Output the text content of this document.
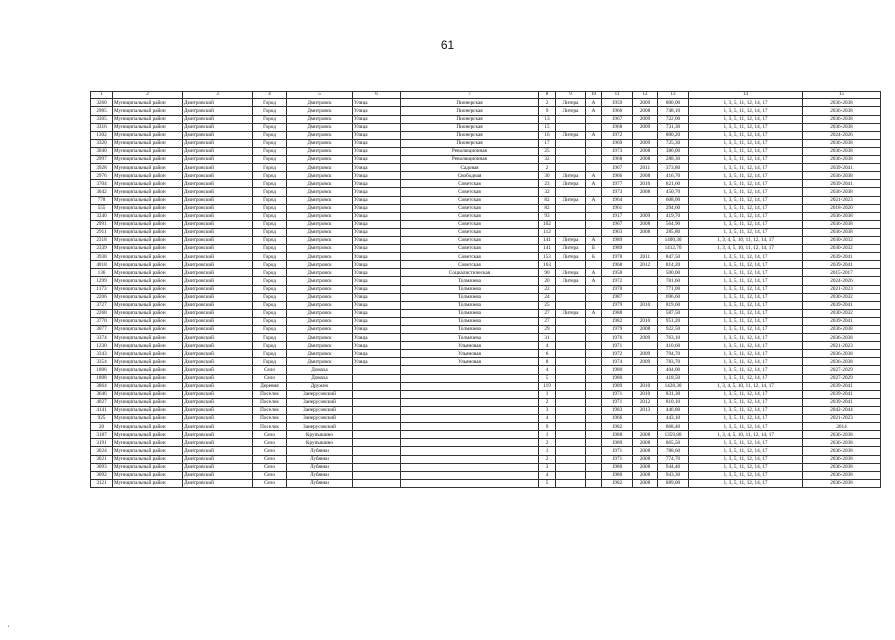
61
1	2	3	4	5	6	7	8	9	10	11	12	13	14	15
3260	Муниципальный район	Дмитровский	Город	Дмитровск	Улица	Пионерская	2	Литера	А	1959	2009	800,00	1, 3, 5, 11, 12, 14, 17	2036-2038
2985	Муниципальный район	Дмитровский	Город	Дмитровск	Улица	Пионерская	9	Литера	А	1966	2008	748,10	1, 3, 5, 11, 12, 14, 17	2036-2038
3305	Муниципальный район	Дмитровский	Город	Дмитровск	Улица	Пионерская	13			1967	2009	722,00	1, 3, 5, 11, 12, 14, 17	2036-2038
3316	Муниципальный район	Дмитровский	Город	Дмитровск	Улица	Пионерская	15			1968	2009	731,30	1, 3, 5, 11, 12, 14, 17	2036-2038
1302	Муниципальный район	Дмитровский	Город	Дмитровск	Улица	Пионерская	16	Литера	А	1972		800,20	1, 3, 5, 11, 12, 14, 17	2024-2026
3320	Муниципальный район	Дмитровский	Город	Дмитровск	Улица	Пионерская	17			1969	2009	725,30	1, 3, 5, 11, 12, 14, 17	2036-2038
3040	Муниципальный район	Дмитровский	Город	Дмитровск	Улица	Революционная	25			1973	2008	386,00	1, 3, 5, 11, 12, 14, 17	2036-2038
2997	Муниципальный район	Дмитровский	Город	Дмитровск	Улица	Революционная	32			1968	2008	288,30	1, 3, 5, 11, 12, 14, 17	2036-2038
3928	Муниципальный район	Дмитровский	Город	Дмитровск	Улица	Садовая	2			1967	2011	373,80	1, 3, 5, 11, 12, 14, 17	2039-2041
2976	Муниципальный район	Дмитровский	Город	Дмитровск	Улица	Свободная	30	Литера	А	1966	2008	416,70	1, 3, 5, 11, 12, 14, 17	2036-2038
3704	Муниципальный район	Дмитровский	Город	Дмитровск	Улица	Советская	23	Литера	А	1977	2010	821,60	1, 3, 5, 11, 12, 14, 17	2039-2041
3042	Муниципальный район	Дмитровский	Город	Дмитровск	Улица	Советская	32			1973	2008	450,70	1, 3, 5, 11, 12, 14, 17	2036-2038
778	Муниципальный район	Дмитровский	Город	Дмитровск	Улица	Советская	82	Литера	А	1964		608,00	1, 3, 5, 11, 12, 14, 17	2021-2023
555	Муниципальный район	Дмитровский	Город	Дмитровск	Улица	Советская	82			1961		294,60	1, 3, 5, 11, 12, 14, 17	2018-2020
3240	Муниципальный район	Дмитровский	Город	Дмитровск	Улица	Советская	93			1917	2009	419,70	1, 3, 5, 11, 12, 14, 17	2036-2038
2991	Муниципальный район	Дмитровский	Город	Дмитровск	Улица	Советская	102			1967	2008	564,90	1, 3, 5, 11, 12, 14, 17	2036-2038
2911	Муниципальный район	Дмитровский	Город	Дмитровск	Улица	Советская	112			1963	2008	285,80	1, 3, 5, 11, 12, 14, 17	2036-2038
2318	Муниципальный район	Дмитровский	Город	Дмитровск	Улица	Советская	141	Литера	А	1989		1400,30	1, 3, 4, 5, 10, 11, 12, 14, 17	2030-2032
2339	Муниципальный район	Дмитровский	Город	Дмитровск	Улица	Советская	141	Литера	Б	1989		1412,70	1, 3, 4, 5, 10, 11, 12, 14, 17	2030-2032
3938	Муниципальный район	Дмитровский	Город	Дмитровск	Улица	Советская	153	Литера	Б	1978	2011	847,50	1, 3, 5, 11, 12, 14, 17	2039-2041
4018	Муниципальный район	Дмитровский	Город	Дмитровск	Улица	Советская	163			1968	2012	814,20	1, 3, 5, 11, 12, 14, 17	2039-2041
136	Муниципальный район	Дмитровский	Город	Дмитровск	Улица	Социалистическая	90	Литера	А	1958		500,00	1, 3, 5, 11, 12, 14, 17	2015-2017
1299	Муниципальный район	Дмитровский	Город	Дмитровск	Улица	Толмачева	20	Литера	А	1972		781,60	1, 3, 5, 11, 12, 14, 17	2024-2026
1173	Муниципальный район	Дмитровский	Город	Дмитровск	Улица	Толмачева	22			1970		771,00	1, 3, 5, 11, 12, 14, 17	2021-2023
2206	Муниципальный район	Дмитровский	Город	Дмитровск	Улица	Толмачева	24			1987		696,60	1, 3, 5, 11, 12, 14, 17	2030-2032
3727	Муниципальный район	Дмитровский	Город	Дмитровск	Улица	Толмачева	25			1979	2010	819,60	1, 3, 5, 11, 12, 14, 17	2039-2041
2268	Муниципальный район	Дмитровский	Город	Дмитровск	Улица	Толмачева	27	Литера	А	1988		587,50	1, 3, 5, 11, 12, 14, 17	2030-2032
3770	Муниципальный район	Дмитровский	Город	Дмитровск	Улица	Толмачева	27			1982	2010	951,20	1, 3, 5, 11, 12, 14, 17	2039-2041
3077	Муниципальный район	Дмитровский	Город	Дмитровск	Улица	Толмачева	29			1979	2008	922,50	1, 3, 5, 11, 12, 14, 17	2036-2038
3374	Муниципальный район	Дмитровский	Город	Дмитровск	Улица	Толмачева	31			1976	2009	763,10	1, 3, 5, 11, 12, 14, 17	2036-2038
1230	Муниципальный район	Дмитровский	Город	Дмитровск	Улица	Ульяновая	4			1971		410,60	1, 3, 5, 11, 12, 14, 17	2021-2023
3343	Муниципальный район	Дмитровский	Город	Дмитровск	Улица	Ульяновая	6			1972	2009	794,70	1, 3, 5, 11, 12, 14, 17	2036-2038
3354	Муниципальный район	Дмитровский	Город	Дмитровск	Улица	Ульяновая	8			1974	2009	783,70	1, 3, 5, 11, 12, 14, 17	2036-2038
1806	Муниципальный район	Дмитровский	Село	Домаха			4			1980		404,00	1, 3, 5, 11, 12, 14, 17	2027-2029
1808	Муниципальный район	Дмитровский	Село	Домаха			5			1980		418,50	1, 3, 5, 11, 12, 14, 17	2027-2029
3864	Муниципальный район	Дмитровский	Деревня	Дружно			119			1989	2010	1428,30	1, 3, 4, 5, 10, 11, 12, 14, 17	2039-2041
3646	Муниципальный район	Дмитровский	Поселок	Занерусовский			1			1971	2010	831,30	1, 3, 5, 11, 12, 14, 17	2039-2041
4027	Муниципальный район	Дмитровский	Поселок	Занерусовский			2			1971	2012	810,10	1, 3, 5, 11, 12, 14, 17	2039-2041
4141	Муниципальный район	Дмитровский	Поселок	Занерусовский			3			1983	2013	446,80	1, 3, 5, 11, 12, 14, 17	2042-2044
925	Муниципальный район	Дмитровский	Поселок	Занерусовский			4			1966		443,10	1, 3, 5, 11, 12, 14, 17	2021-2023
20	Муниципальный район	Дмитровский	Поселок	Занерусовский			9			1982		868,40	1, 3, 5, 11, 12, 14, 17	2014
3187	Муниципальный район	Дмитровский	Село	Крупышино			1			1988	2008	1359,80	1, 3, 4, 5, 10, 11, 12, 14, 17	2036-2038
3191	Муниципальный район	Дмитровский	Село	Крупышино			2			1989	2008	865,50	1, 3, 5, 11, 12, 14, 17	2036-2038
3024	Муниципальный район	Дмитровский	Село	Лубянки			1			1971	2008	788,60	1, 3, 5, 11, 12, 14, 17	2036-2038
3021	Муниципальный район	Дмитровский	Село	Лубянки			2			1971	2008	774,70	1, 3, 5, 11, 12, 14, 17	2036-2038
3093	Муниципальный район	Дмитровский	Село	Лубянки			3			1980	2008	944,40	1, 3, 5, 11, 12, 14, 17	2036-2038
3092	Муниципальный район	Дмитровский	Село	Лубянки			4			1980	2008	943,30	1, 3, 5, 11, 12, 14, 17	2036-2038
3121	Муниципальный район	Дмитровский	Село	Лубянки			5			1982	2008	889,00	1, 3, 5, 11, 12, 14, 17	2036-2038
'
